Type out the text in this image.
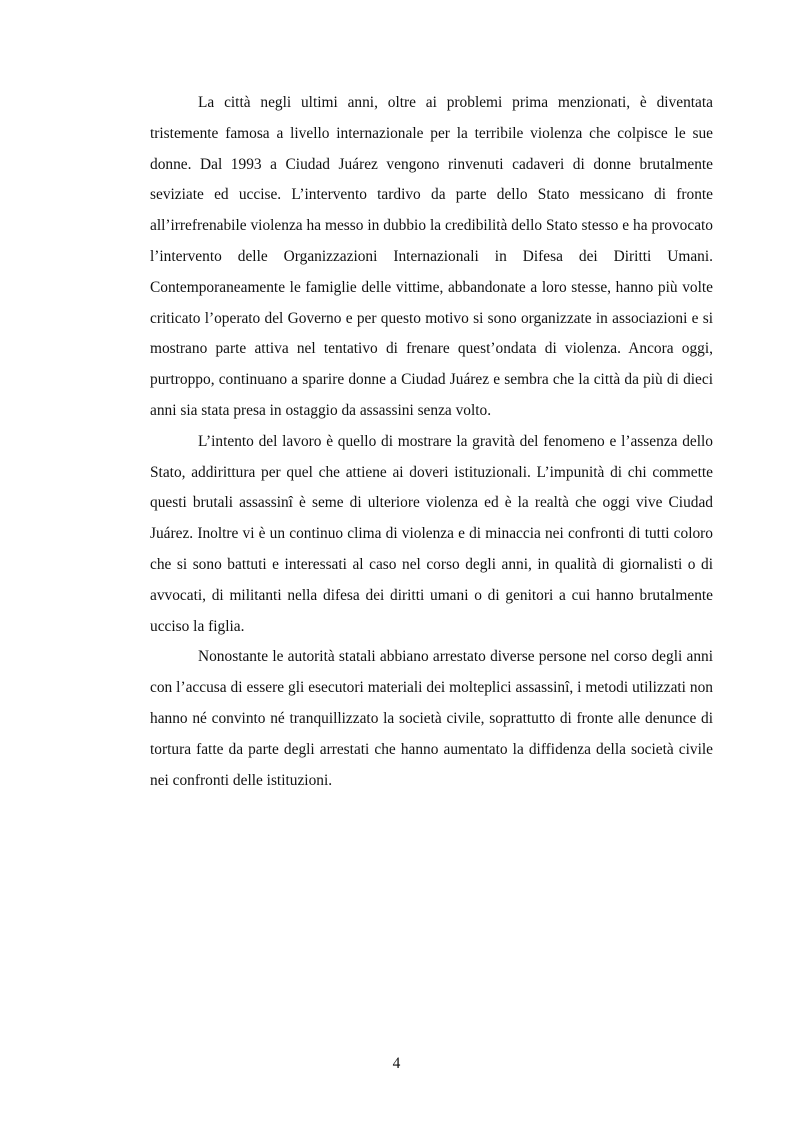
La città negli ultimi anni, oltre ai problemi prima menzionati, è diventata tristemente famosa a livello internazionale per la terribile violenza che colpisce le sue donne. Dal 1993 a Ciudad Juárez vengono rinvenuti cadaveri di donne brutalmente seviziate ed uccise. L’intervento tardivo da parte dello Stato messicano di fronte all’irrefrenabile violenza ha messo in dubbio la credibilità dello Stato stesso e ha provocato l’intervento delle Organizzazioni Internazionali in Difesa dei Diritti Umani. Contemporaneamente le famiglie delle vittime, abbandonate a loro stesse, hanno più volte criticato l’operato del Governo e per questo motivo si sono organizzate in associazioni e si mostrano parte attiva nel tentativo di frenare quest’ondata di violenza. Ancora oggi, purtroppo, continuano a sparire donne a Ciudad Juárez e sembra che la città da più di dieci anni sia stata presa in ostaggio da assassini senza volto.

L’intento del lavoro è quello di mostrare la gravità del fenomeno e l’assenza dello Stato, addirittura per quel che attiene ai doveri istituzionali. L’impunità di chi commette questi brutali assassinî è seme di ulteriore violenza ed è la realtà che oggi vive Ciudad Juárez. Inoltre vi è un continuo clima di violenza e di minaccia nei confronti di tutti coloro che si sono battuti e interessati al caso nel corso degli anni, in qualità di giornalisti o di avvocati, di militanti nella difesa dei diritti umani o di genitori a cui hanno brutalmente ucciso la figlia.

Nonostante le autorità statali abbiano arrestato diverse persone nel corso degli anni con l’accusa di essere gli esecutori materiali dei molteplici assassinî, i metodi utilizzati non hanno né convinto né tranquillizzato la società civile, soprattutto di fronte alle denunce di tortura fatte da parte degli arrestati che hanno aumentato la diffidenza della società civile nei confronti delle istituzioni.

4
